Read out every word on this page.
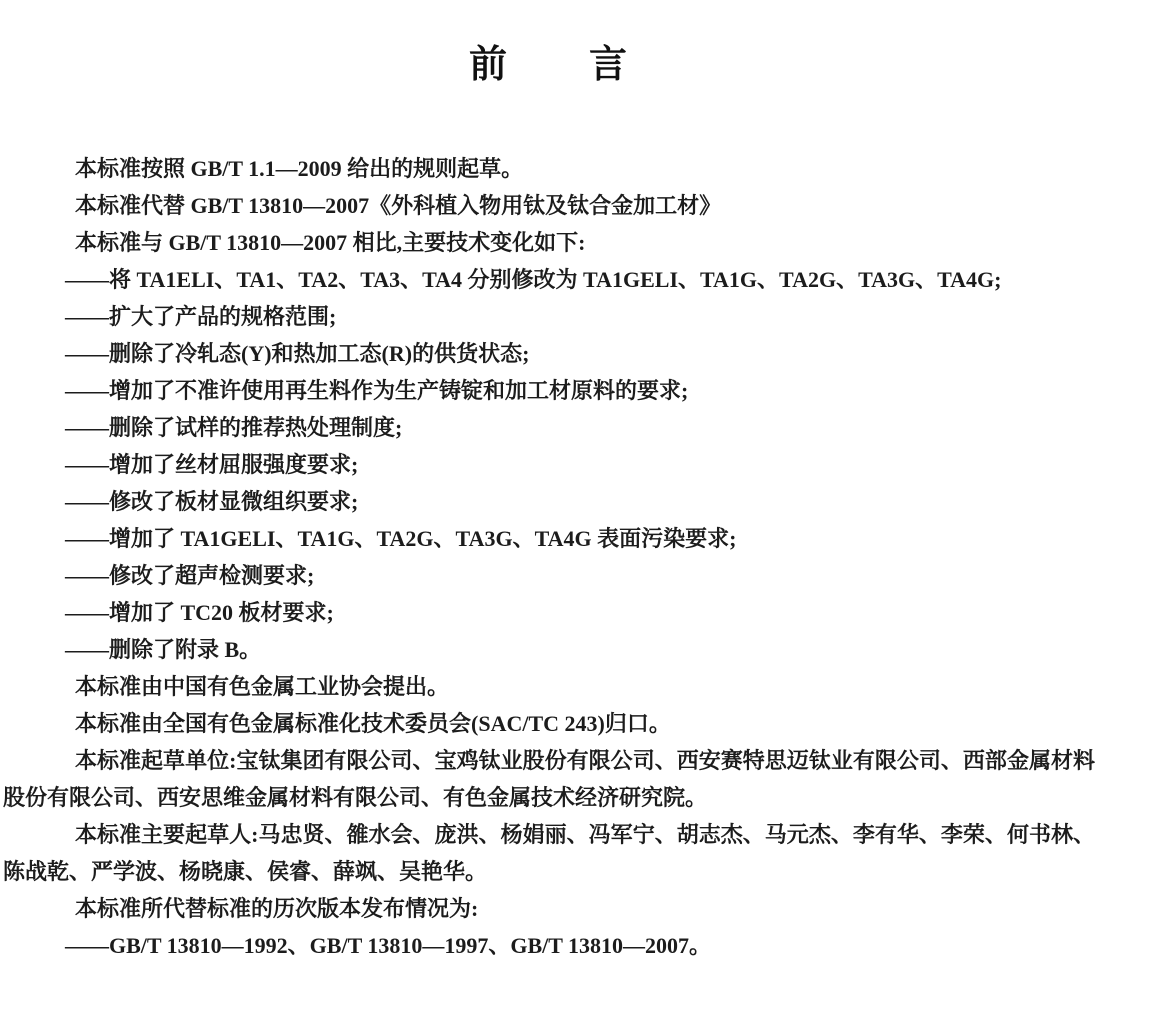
前　　言

本标准按照 GB/T 1.1—2009 给出的规则起草。

本标准代替 GB/T 13810—2007《外科植入物用钛及钛合金加工材》

本标准与 GB/T 13810—2007 相比,主要技术变化如下:

——将 TA1ELI、TA1、TA2、TA3、TA4 分别修改为 TA1GELI、TA1G、TA2G、TA3G、TA4G;

——扩大了产品的规格范围;

——删除了冷轧态(Y)和热加工态(R)的供货状态;

——增加了不准许使用再生料作为生产铸锭和加工材原料的要求;

——删除了试样的推荐热处理制度;

——增加了丝材屈服强度要求;

——修改了板材显微组织要求;

——增加了 TA1GELI、TA1G、TA2G、TA3G、TA4G 表面污染要求;

——修改了超声检测要求;

——增加了 TC20 板材要求;

——删除了附录 B。

本标准由中国有色金属工业协会提出。

本标准由全国有色金属标准化技术委员会(SAC/TC 243)归口。

本标准起草单位:宝钛集团有限公司、宝鸡钛业股份有限公司、西安赛特思迈钛业有限公司、西部金属材料股份有限公司、西安思维金属材料有限公司、有色金属技术经济研究院。

本标准主要起草人:马忠贤、雒水会、庞洪、杨娟丽、冯军宁、胡志杰、马元杰、李有华、李荣、何书林、陈战乾、严学波、杨晓康、侯睿、薛飒、吴艳华。

本标准所代替标准的历次版本发布情况为:

——GB/T 13810—1992、GB/T 13810—1997、GB/T 13810—2007。
